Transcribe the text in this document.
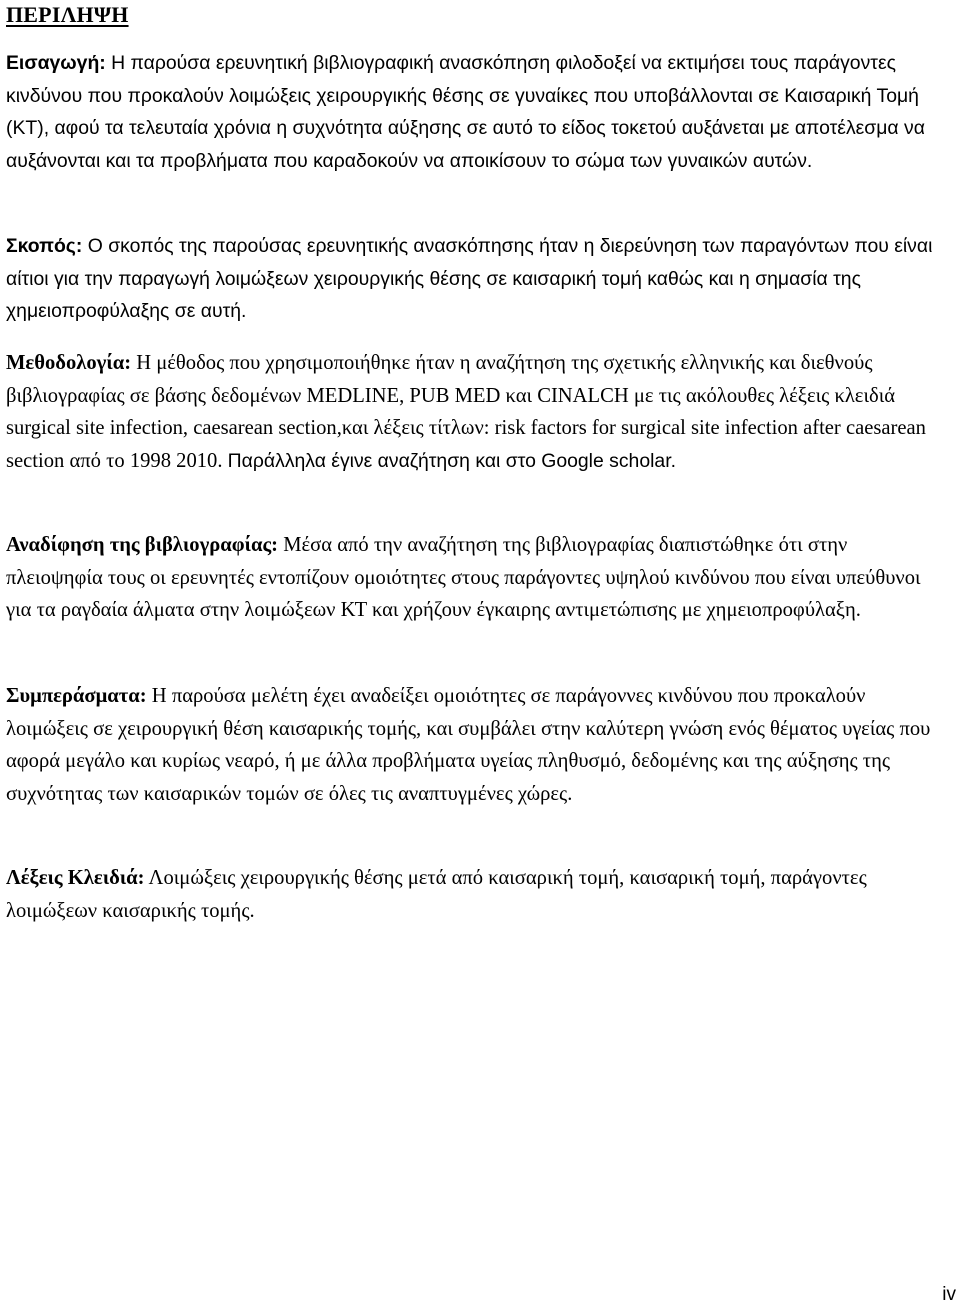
ΠΕΡΙΛΗΨΗ

Εισαγωγή: Η παρούσα ερευνητική βιβλιογραφική ανασκόπηση φιλοδοξεί να εκτιμήσει τους παράγοντες κινδύνου που προκαλούν λοιμώξεις χειρουργικής θέσης σε γυναίκες που υποβάλλονται σε Καισαρική Τομή (ΚΤ), αφού τα τελευταία χρόνια η συχνότητα αύξησης σε αυτό το είδος τοκετού αυξάνεται με αποτέλεσμα να αυξάνονται και τα προβλήματα που καραδοκούν να αποικίσουν το σώμα των γυναικών αυτών.

Σκοπός: Ο σκοπός της παρούσας ερευνητικής ανασκόπησης ήταν η διερεύνηση των παραγόντων που είναι αίτιοι για την παραγωγή λοιμώξεων χειρουργικής θέσης σε καισαρική τομή καθώς και η σημασία της χημειοπροφύλαξης σε αυτή.

Μεθοδολογία: Η μέθοδος που χρησιμοποιήθηκε ήταν η αναζήτηση της σχετικής ελληνικής και διεθνούς βιβλιογραφίας σε βάσης δεδομένων MEDLINE, PUB MED και CINALCH με τις ακόλουθες λέξεις κλειδιά surgical site infection, caesarean section,και λέξεις τίτλων: risk factors for surgical site infection after caesarean section από το 1998 2010. Παράλληλα έγινε αναζήτηση και στο Google scholar.

Αναδίφηση της βιβλιογραφίας: Μέσα από την αναζήτηση της βιβλιογραφίας διαπιστώθηκε ότι στην πλειοψηφία τους οι ερευνητές εντοπίζουν ομοιότητες στους παράγοντες υψηλού κινδύνου που είναι υπεύθυνοι για τα ραγδαία άλματα στην λοιμώξεων ΚΤ και χρήζουν έγκαιρης αντιμετώπισης με χημειοπροφύλαξη.

Συμπεράσματα: Η παρούσα μελέτη έχει αναδείξει ομοιότητες σε παράγοννες κινδύνου που προκαλούν λοιμώξεις σε χειρουργική θέση καισαρικής τομής, και συμβάλει στην καλύτερη γνώση ενός θέματος υγείας που αφορά μεγάλο και κυρίως νεαρό, ή με άλλα προβλήματα υγείας πληθυσμό, δεδομένης και της αύξησης της συχνότητας των καισαρικών τομών σε όλες τις αναπτυγμένες χώρες.

Λέξεις Κλειδιά: Λοιμώξεις χειρουργικής θέσης μετά από καισαρική τομή, καισαρική τομή, παράγοντες λοιμώξεων καισαρικής τομής.

iv
